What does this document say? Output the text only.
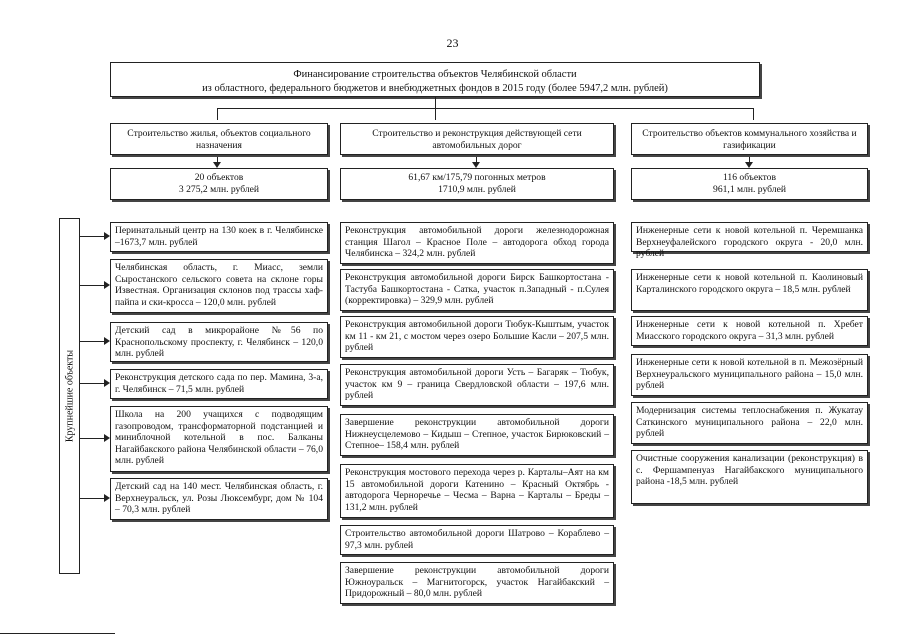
23
Финансирование строительства объектов Челябинской области
из областного, федерального бюджетов и внебюджетных фондов в 2015 году (более 5947,2 млн. рублей)
Строительство жилья, объектов социального назначения
Строительство и реконструкция действующей сети автомобильных дорог
Строительство объектов коммунального хозяйства и газификации
20 объектов
3 275,2 млн. рублей
61,67 км/175,79 погонных метров
1710,9 млн. рублей
116 объектов
961,1 млн. рублей
Крупнейшие объекты
Перинатальный центр на 130 коек в г. Челябинске –1673,7 млн. рублей
Челябинская область, г. Миасс, земли Сыростанского сельского совета на склоне горы Известная. Организация склонов под трассы хаф-пайпа и ски-кросса – 120,0 млн. рублей
Детский сад в микрорайоне №56 по Краснопольскому проспекту, г. Челябинск – 120,0 млн. рублей
Реконструкция детского сада по пер. Мамина, 3-а, г. Челябинск – 71,5 млн. рублей
Школа на 200 учащихся с подводящим газопроводом, трансформаторной подстанцией и миниблочной котельной в пос. Балканы Нагайбакского района Челябинской области – 76,0 млн. рублей
Детский сад на 140 мест. Челябинская область, г. Верхнеуральск, ул. Розы Люксембург, дом № 104 – 70,3 млн. рублей
Реконструкция автомобильной дороги железнодорожная станция Шагол – Красное Поле – автодорога обход города Челябинска – 324,2 млн. рублей
Реконструкция автомобильной дороги Бирск Башкортостана - Тастуба Башкортостана - Сатка, участок п.Западный - п.Сулея (корректировка) – 329,9 млн. рублей
Реконструкция автомобильной дороги Тюбук-Кыштым, участок км 11 - км 21, с мостом через озеро Большие Касли – 207,5 млн. рублей
Реконструкция автомобильной дороги Усть – Багаряк – Тюбук, участок км 9 – граница Свердловской области – 197,6 млн. рублей
Завершение реконструкции автомобильной дороги Нижнеусцелемово – Кидыш – Степное, участок Бирюковский – Степное– 158,4 млн. рублей
Реконструкция мостового перехода через р. Карталы–Аят на км 15 автомобильной дороги Катенино – Красный Октябрь - автодорога Черноречье – Чесма – Варна – Карталы – Бреды – 131,2 млн. рублей
Строительство автомобильной дороги Шатрово – Кораблево – 97,3 млн. рублей
Завершение реконструкции автомобильной дороги Южноуральск – Магнитогорск, участок Нагайбакский – Придорожный – 80,0 млн. рублей
Инженерные сети к новой котельной п. Черемшанка Верхнеуфалейского городского округа - 20,0 млн. рублей
Инженерные сети к новой котельной п. Каолиновый Карталинского городского округа – 18,5 млн. рублей
Инженерные сети к новой котельной п. Хребет Миасского городского округа – 31,3 млн. рублей
Инженерные сети к новой котельной в п. Межозёрный Верхнеуральского муниципального района – 15,0 млн. рублей
Модернизация системы теплоснабжения п. Жукатау Саткинского муниципального района – 22,0 млн. рублей
Очистные сооружения канализации (реконструкция) в с. Фершампенуаз Нагайбакского муниципального района -18,5 млн. рублей
